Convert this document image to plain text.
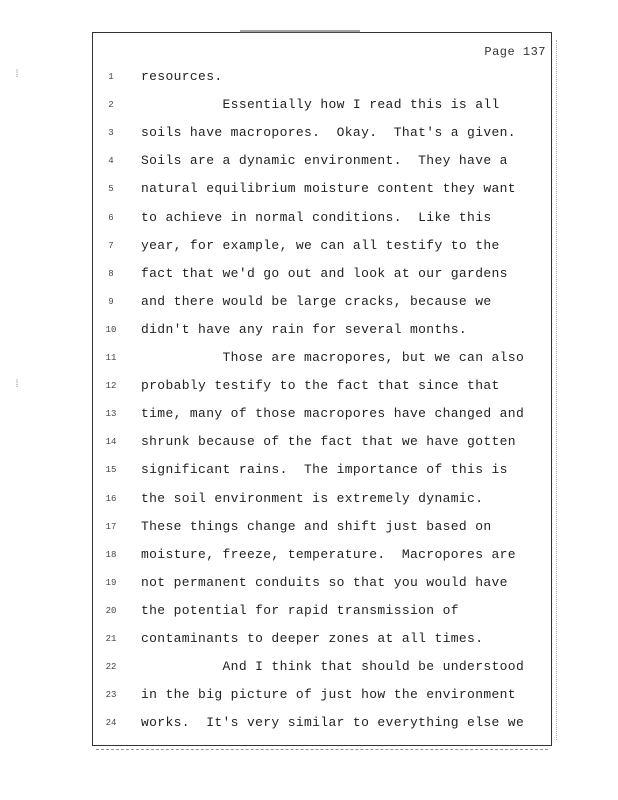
⁞
⁞
Page 137
1	resources.
2	Essentially how I read this is all
3	soils have macropores.  Okay.  That's a given.
4	Soils are a dynamic environment.  They have a
5	natural equilibrium moisture content they want
6	to achieve in normal conditions.  Like this
7	year, for example, we can all testify to the
8	fact that we'd go out and look at our gardens
9	and there would be large cracks, because we
10	didn't have any rain for several months.
11	Those are macropores, but we can also
12	probably testify to the fact that since that
13	time, many of those macropores have changed and
14	shrunk because of the fact that we have gotten
15	significant rains.  The importance of this is
16	the soil environment is extremely dynamic.
17	These things change and shift just based on
18	moisture, freeze, temperature.  Macropores are
19	not permanent conduits so that you would have
20	the potential for rapid transmission of
21	contaminants to deeper zones at all times.
22	And I think that should be understood
23	in the big picture of just how the environment
24	works.  It's very similar to everything else we
